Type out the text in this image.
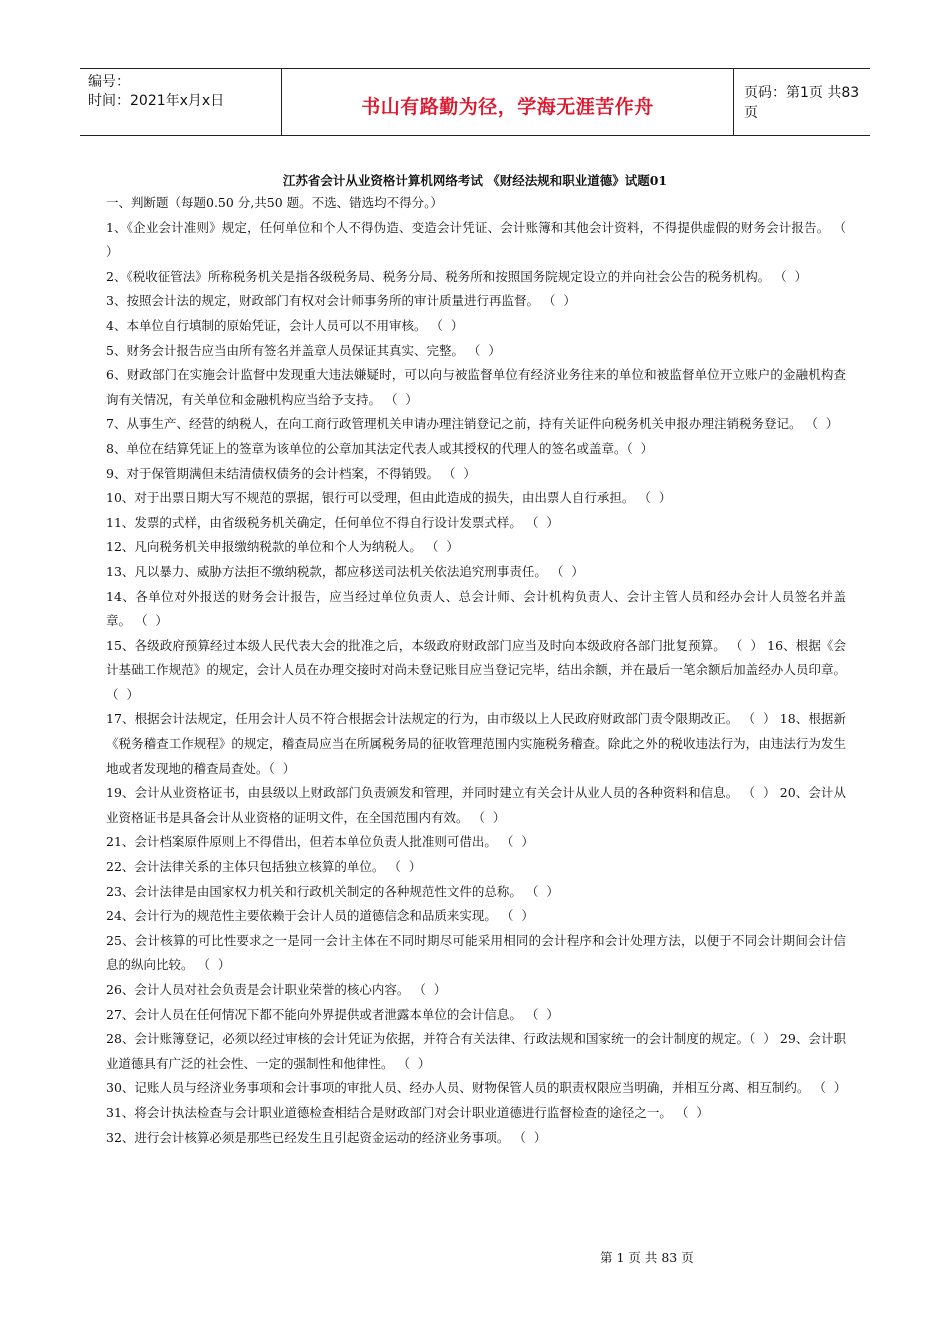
编号：
时间：2021年x月x日	书山有路勤为径，学海无涯苦作舟
页码：第1页 共83页
江苏省会计从业资格计算机网络考试 《财经法规和职业道德》试题01

一、判断题（每题0.50 分,共50 题。不选、错选均不得分。）

1、《企业会计准则》规定，任何单位和个人不得伪造、变造会计凭证、会计账簿和其他会计资料，不得提供虚假的财务会计报告。 （  ）

2、《税收征管法》所称税务机关是指各级税务局、税务分局、税务所和按照国务院规定设立的并向社会公告的税务机构。 （  ）

3、按照会计法的规定，财政部门有权对会计师事务所的审计质量进行再监督。 （  ）

4、本单位自行填制的原始凭证，会计人员可以不用审核。 （  ）

5、财务会计报告应当由所有签名并盖章人员保证其真实、完整。 （  ）

6、财政部门在实施会计监督中发现重大违法嫌疑时，可以向与被监督单位有经济业务往来的单位和被监督单位开立账户的金融机构查询有关情况，有关单位和金融机构应当给予支持。 （  ）

7、从事生产、经营的纳税人，在向工商行政管理机关申请办理注销登记之前，持有关证件向税务机关申报办理注销税务登记。 （  ）

8、单位在结算凭证上的签章为该单位的公章加其法定代表人或其授权的代理人的签名或盖章。（  ）

9、对于保管期满但未结清债权债务的会计档案，不得销毁。 （  ）

10、对于出票日期大写不规范的票据，银行可以受理，但由此造成的损失，由出票人自行承担。 （  ）

11、发票的式样，由省级税务机关确定，任何单位不得自行设计发票式样。 （  ）

12、凡向税务机关申报缴纳税款的单位和个人为纳税人。 （  ）

13、凡以暴力、威胁方法拒不缴纳税款，都应移送司法机关依法追究刑事责任。 （  ）

14、各单位对外报送的财务会计报告，应当经过单位负责人、总会计师、会计机构负责人、会计主管人员和经办会计人员签名并盖章。 （  ）

15、各级政府预算经过本级人民代表大会的批准之后，本级政府财政部门应当及时向本级政府各部门批复预算。 （  ） 16、根据《会计基础工作规范》的规定，会计人员在办理交接时对尚未登记账目应当登记完毕，结出余额，并在最后一笔余额后加盖经办人员印章。 （  ）

17、根据会计法规定，任用会计人员不符合根据会计法规定的行为，由市级以上人民政府财政部门责令限期改正。 （  ） 18、根据新《税务稽查工作规程》的规定，稽查局应当在所属税务局的征收管理范围内实施税务稽查。除此之外的税收违法行为，由违法行为发生地或者发现地的稽查局查处。（  ）

19、会计从业资格证书，由县级以上财政部门负责颁发和管理，并同时建立有关会计从业人员的各种资料和信息。 （  ） 20、会计从业资格证书是具备会计从业资格的证明文件，在全国范围内有效。 （  ）

21、会计档案原件原则上不得借出，但若本单位负责人批准则可借出。 （  ）

22、会计法律关系的主体只包括独立核算的单位。 （  ）

23、会计法律是由国家权力机关和行政机关制定的各种规范性文件的总称。 （  ）

24、会计行为的规范性主要依赖于会计人员的道德信念和品质来实现。 （  ）

25、会计核算的可比性要求之一是同一会计主体在不同时期尽可能采用相同的会计程序和会计处理方法，以便于不同会计期间会计信息的纵向比较。 （  ）

26、会计人员对社会负责是会计职业荣誉的核心内容。 （  ）

27、会计人员在任何情况下都不能向外界提供或者泄露本单位的会计信息。 （  ）

28、会计账簿登记，必须以经过审核的会计凭证为依据，并符合有关法律、行政法规和国家统一的会计制度的规定。（  ） 29、会计职业道德具有广泛的社会性、一定的强制性和他律性。 （  ）

30、记账人员与经济业务事项和会计事项的审批人员、经办人员、财物保管人员的职责权限应当明确，并相互分离、相互制约。 （  ）

31、将会计执法检查与会计职业道德检查相结合是财政部门对会计职业道德进行监督检查的途径之一。 （  ）

32、进行会计核算必须是那些已经发生且引起资金运动的经济业务事项。 （  ）

第 1 页 共 83 页
